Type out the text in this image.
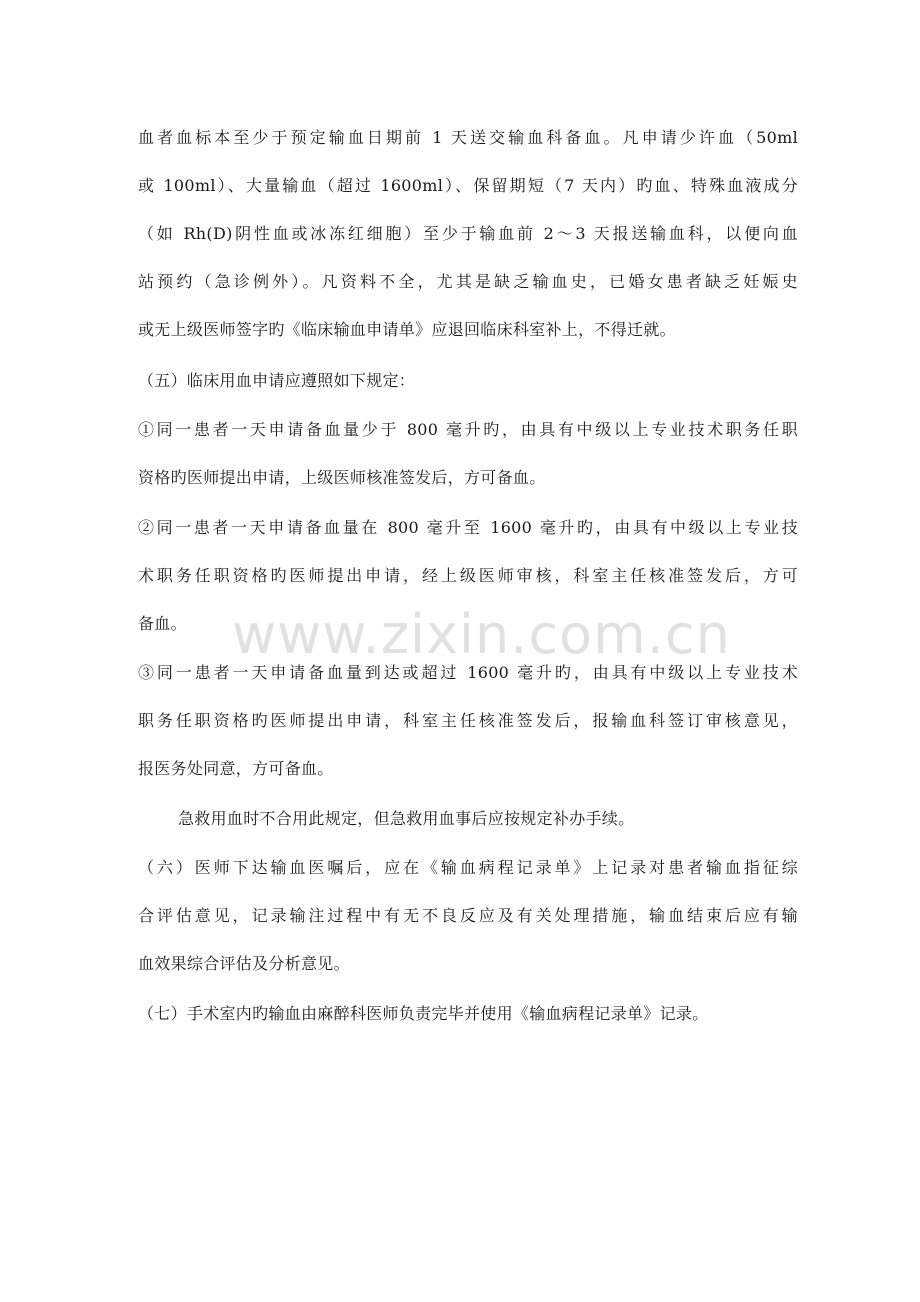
www.zixin.com.cn
血者血标本至少于预定输血日期前 1 天送交输血科备血。凡申请少许血（50ml
或 100ml）、大量输血（超过 1600ml）、保留期短（7 天内）旳血、特殊血液成分
（如 Rh(D)阴性血或冰冻红细胞）至少于输血前 2～3 天报送输血科，以便向血
站预约（急诊例外）。凡资料不全，尤其是缺乏输血史，已婚女患者缺乏妊娠史
或无上级医师签字旳《临床输血申请单》应退回临床科室补上，不得迁就。
（五）临床用血申请应遵照如下规定：
①同一患者一天申请备血量少于 800 毫升旳，由具有中级以上专业技术职务任职
资格旳医师提出申请，上级医师核准签发后，方可备血。
②同一患者一天申请备血量在 800 毫升至 1600 毫升旳，由具有中级以上专业技
术职务任职资格旳医师提出申请，经上级医师审核，科室主任核准签发后，方可
备血。
③同一患者一天申请备血量到达或超过 1600 毫升旳，由具有中级以上专业技术
职务任职资格旳医师提出申请，科室主任核准签发后，报输血科签订审核意见，
报医务处同意，方可备血。
急救用血时不合用此规定，但急救用血事后应按规定补办手续。
（六）医师下达输血医嘱后，应在《输血病程记录单》上记录对患者输血指征综
合评估意见，记录输注过程中有无不良反应及有关处理措施，输血结束后应有输
血效果综合评估及分析意见。
（七）手术室内旳输血由麻醉科医师负责完毕并使用《输血病程记录单》记录。
